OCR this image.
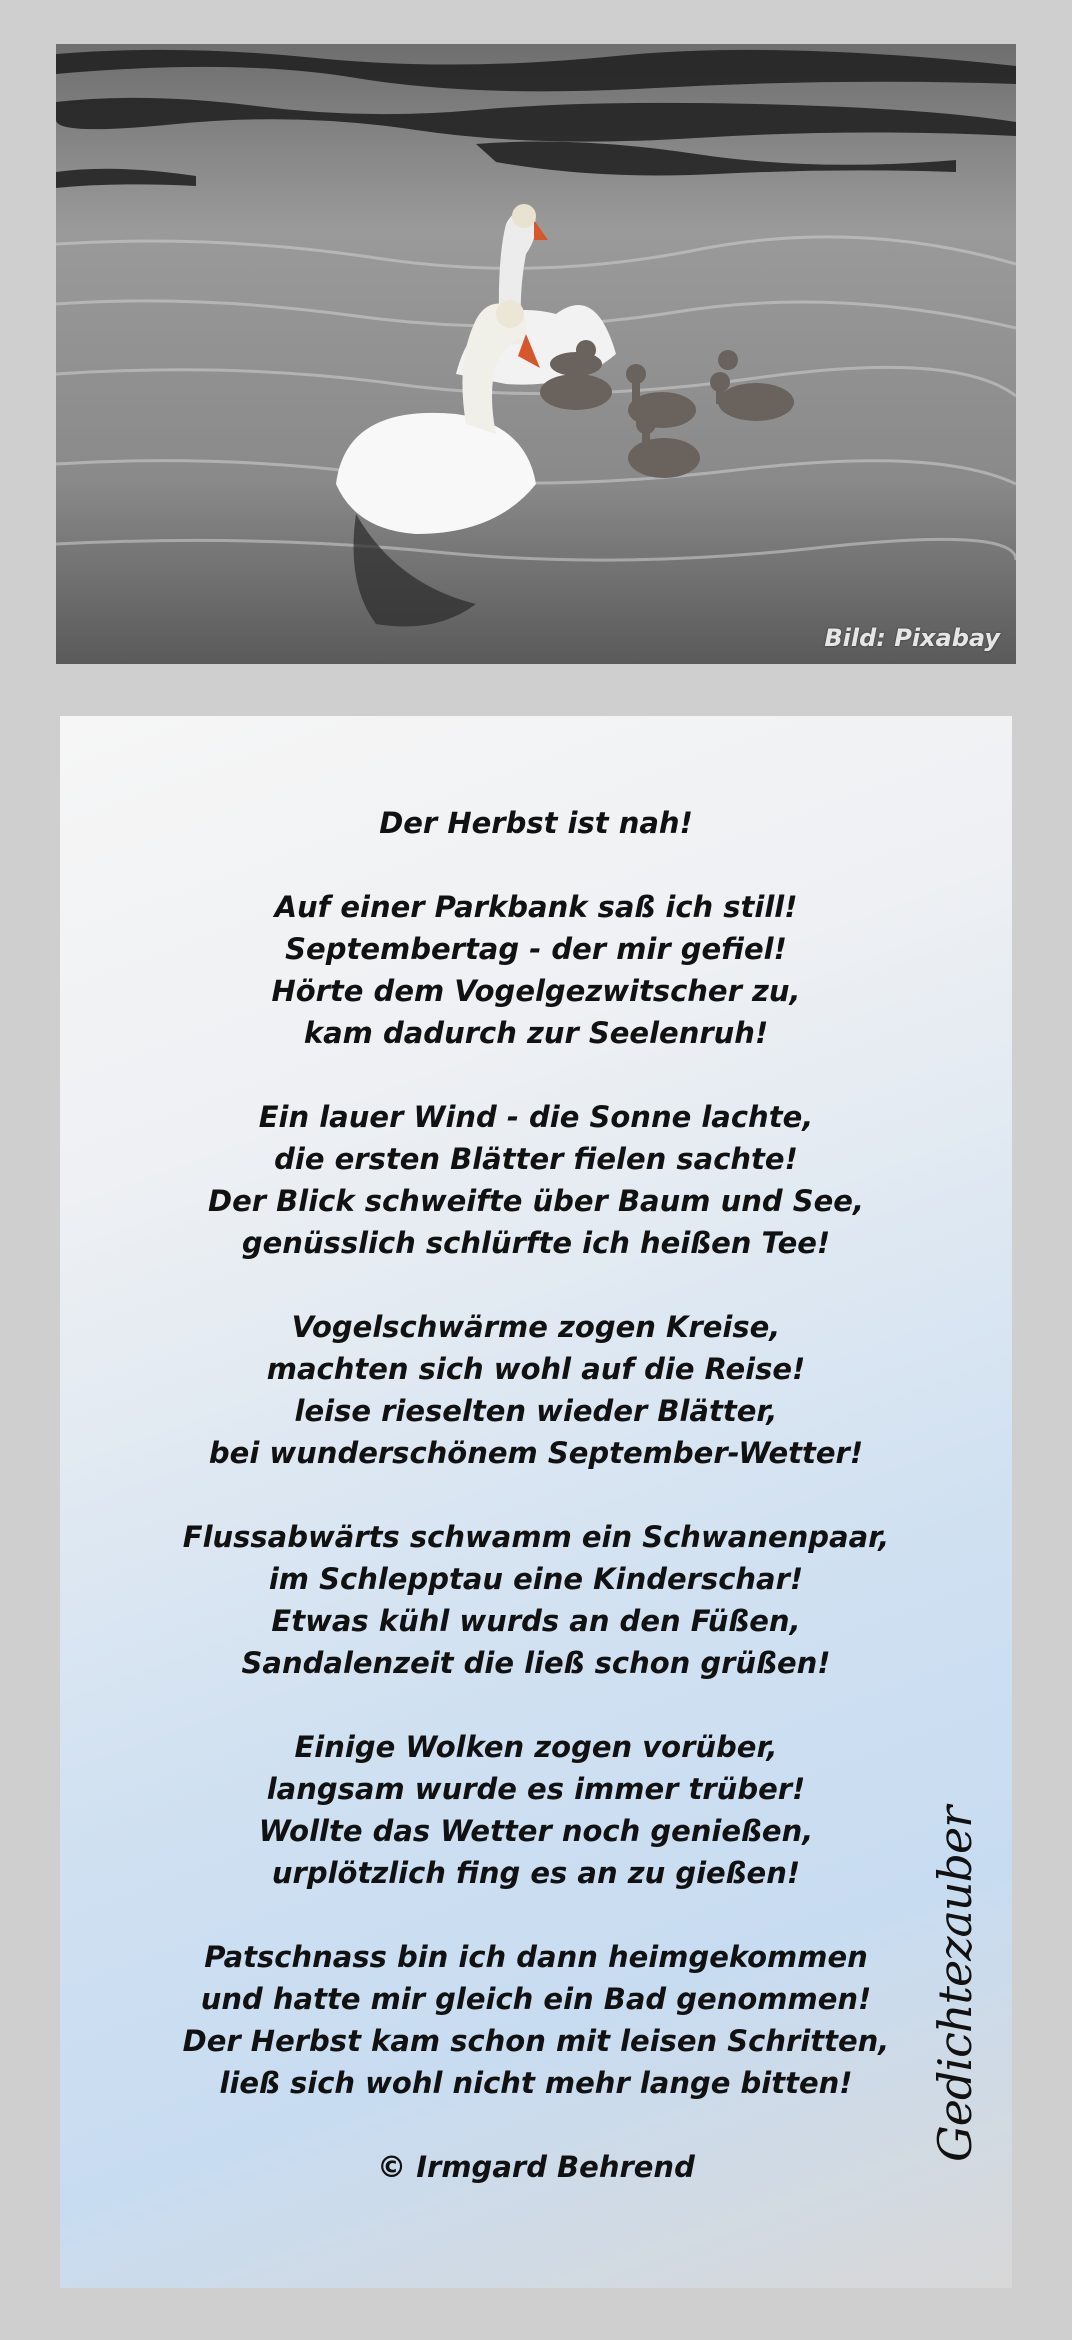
Bild: Pixabay
Der Herbst ist nah!
Auf einer Parkbank saß ich still!
Septembertag - der mir gefiel!
Hörte dem Vogelgezwitscher zu,
kam dadurch zur Seelenruh!
Ein lauer Wind - die Sonne lachte,
die ersten Blätter fielen sachte!
Der Blick schweifte über Baum und See,
genüsslich schlürfte ich heißen Tee!
Vogelschwärme zogen Kreise,
machten sich wohl auf die Reise!
leise rieselten wieder Blätter,
bei wunderschönem September-Wetter!
Flussabwärts schwamm ein Schwanenpaar,
im Schlepptau eine Kinderschar!
Etwas kühl wurds an den Füßen,
Sandalenzeit die ließ schon grüßen!
Einige Wolken zogen vorüber,
langsam wurde es immer trüber!
Wollte das Wetter noch genießen,
urplötzlich fing es an zu gießen!
Patschnass bin ich dann heimgekommen
und hatte mir gleich ein Bad genommen!
Der Herbst kam schon mit leisen Schritten,
ließ sich wohl nicht mehr lange bitten!
© Irmgard Behrend
Gedichtezauber
